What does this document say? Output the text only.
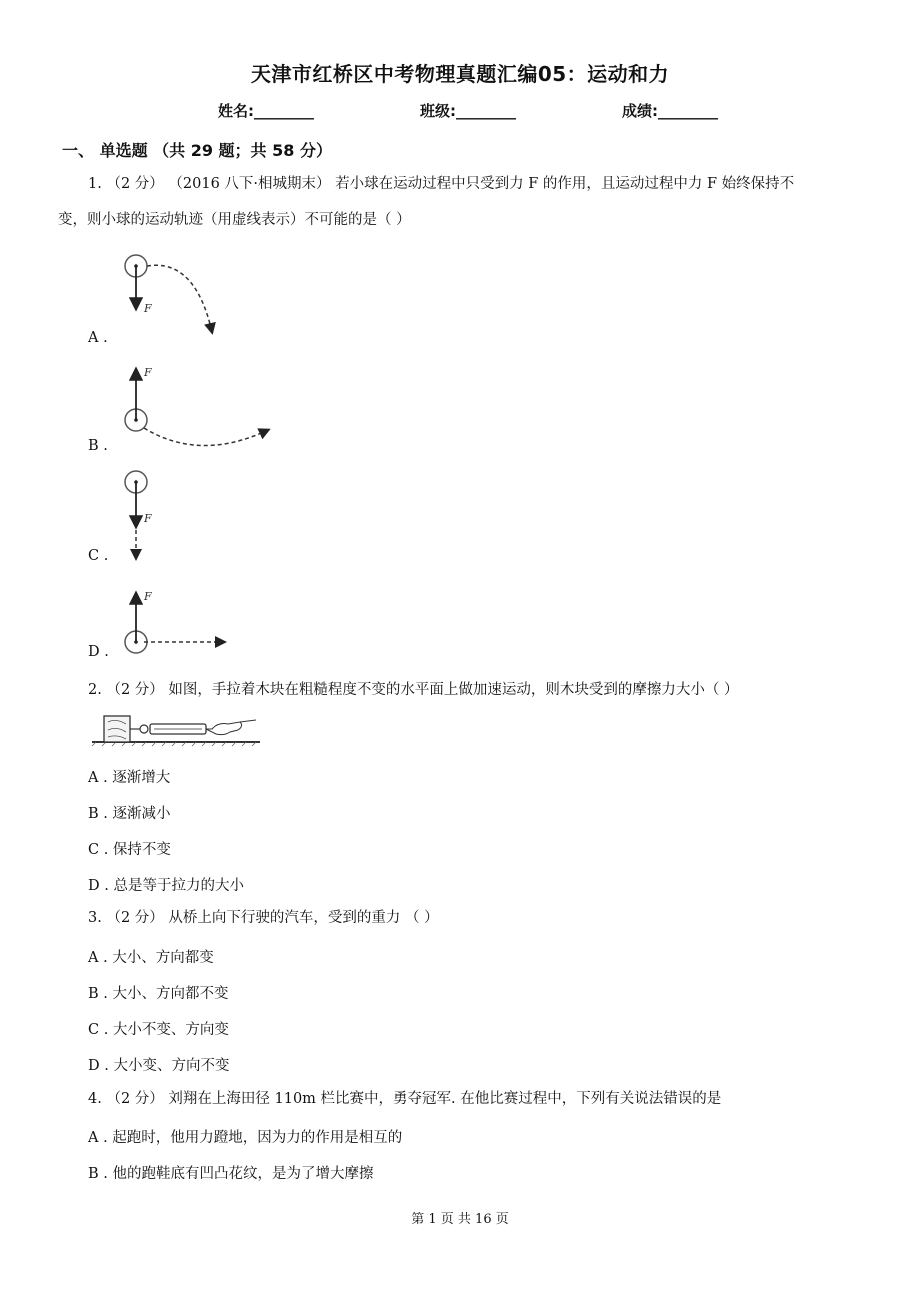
天津市红桥区中考物理真题汇编05：运动和力
姓名:________	班级:________	成绩:________
一、 单选题 （共 29 题；共 58 分）
1. （2 分） （2016 八下·相城期末） 若小球在运动过程中只受到力 F 的作用，且运动过程中力 F 始终保持不
变，则小球的运动轨迹（用虚线表示）不可能的是（ ）
F
A .
F
B .
F
C .
F
D .
2. （2 分） 如图，手拉着木块在粗糙程度不变的水平面上做加速运动，则木块受到的摩擦力大小（ ）
A . 逐渐增大
B . 逐渐减小
C . 保持不变
D . 总是等于拉力的大小
3. （2 分） 从桥上向下行驶的汽车，受到的重力 （ ）
A . 大小、方向都变
B . 大小、方向都不变
C . 大小不变、方向变
D . 大小变、方向不变
4. （2 分） 刘翔在上海田径 110m 栏比赛中，勇夺冠军. 在他比赛过程中，下列有关说法错误的是
A . 起跑时，他用力蹬地，因为力的作用是相互的
B . 他的跑鞋底有凹凸花纹，是为了增大摩擦
第 1 页 共 16 页
